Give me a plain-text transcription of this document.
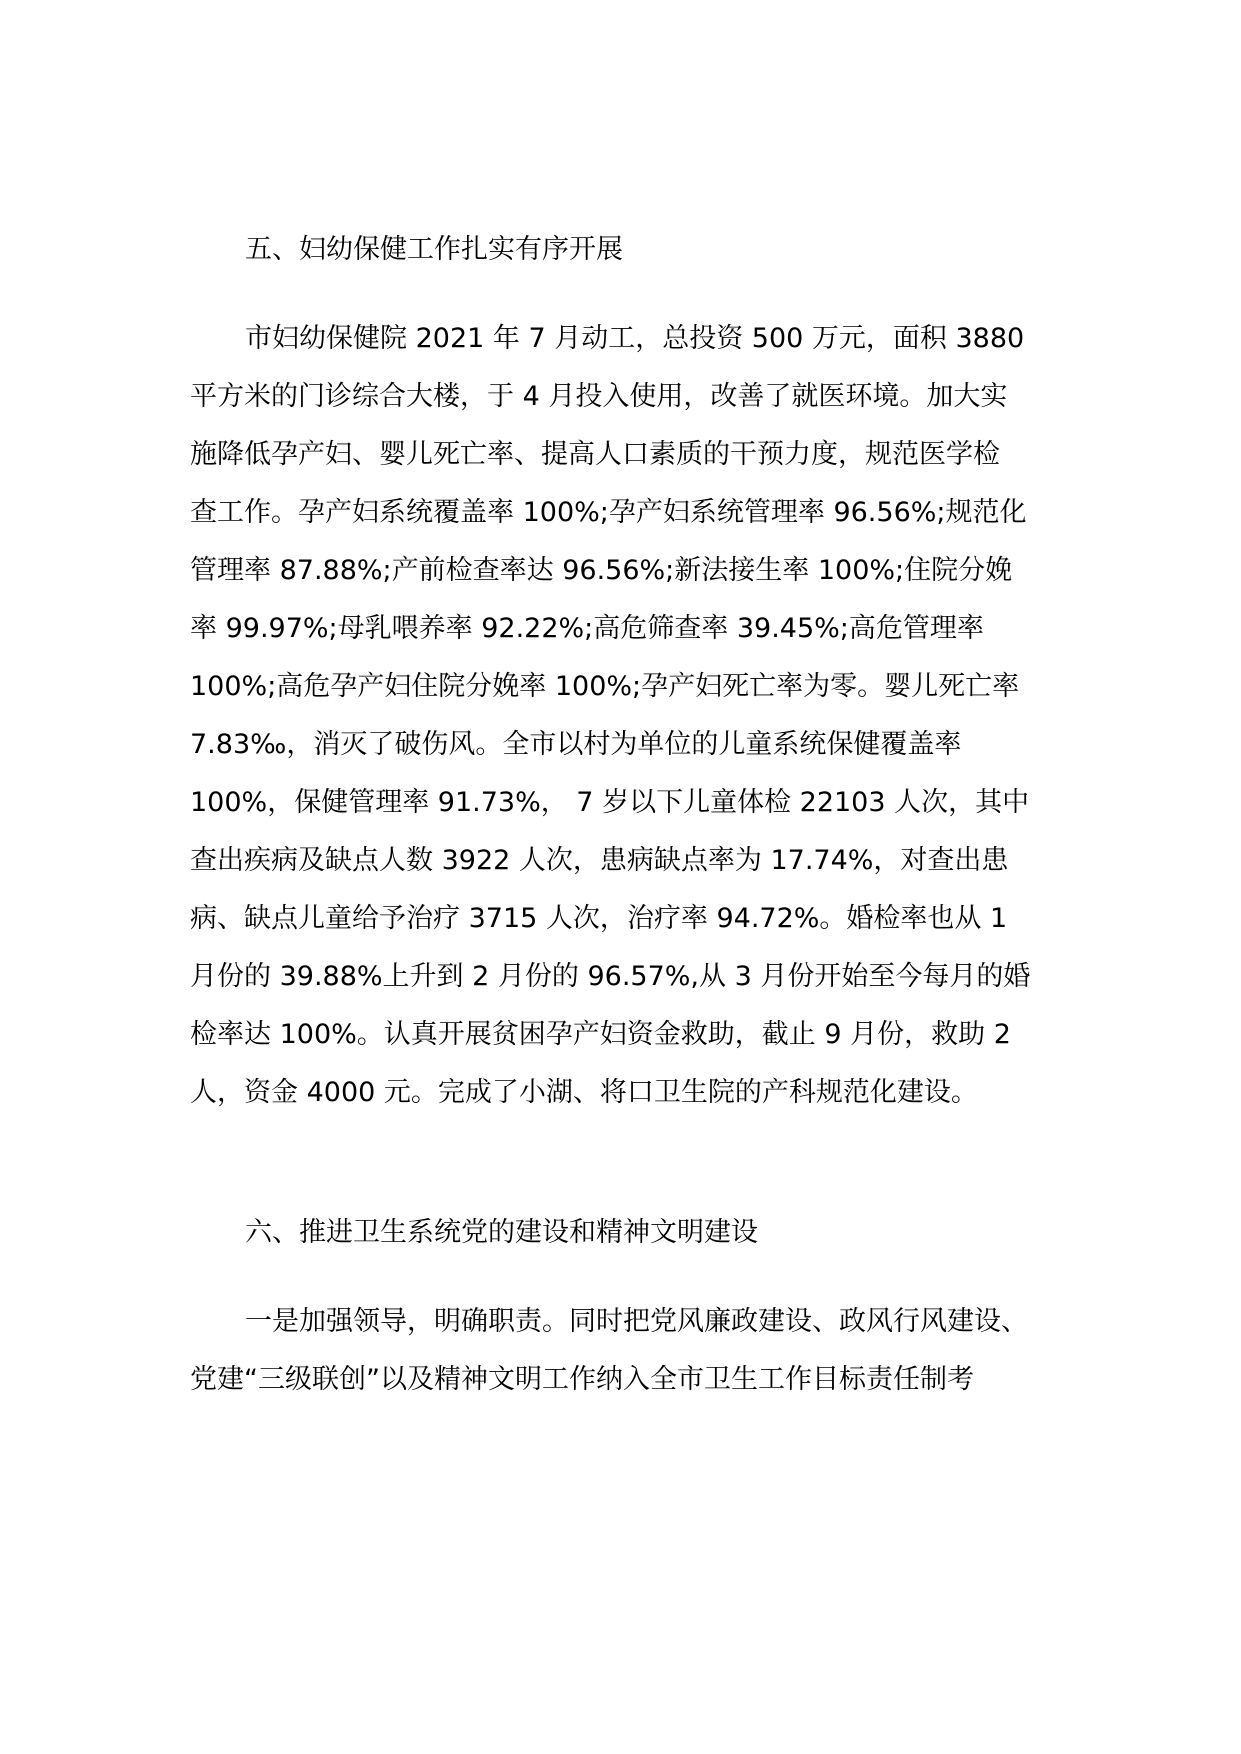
五、妇幼保健工作扎实有序开展

市妇幼保健院 2021 年 7 月动工，总投资 500 万元，面积 3880

平方米的门诊综合大楼，于 4 月投入使用，改善了就医环境。加大实

施降低孕产妇、婴儿死亡率、提高人口素质的干预力度，规范医学检

查工作。孕产妇系统覆盖率 100%;孕产妇系统管理率 96.56%;规范化

管理率 87.88%;产前检查率达 96.56%;新法接生率 100%;住院分娩

率 99.97%;母乳喂养率 92.22%;高危筛查率 39.45%;高危管理率

100%;高危孕产妇住院分娩率 100%;孕产妇死亡率为零。婴儿死亡率

7.83‰，消灭了破伤风。全市以村为单位的儿童系统保健覆盖率

100%，保健管理率 91.73%， 7 岁以下儿童体检 22103 人次，其中

查出疾病及缺点人数 3922 人次，患病缺点率为 17.74%，对查出患

病、缺点儿童给予治疗 3715 人次，治疗率 94.72%。婚检率也从 1

月份的 39.88%上升到 2 月份的 96.57%,从 3 月份开始至今每月的婚

检率达 100%。认真开展贫困孕产妇资金救助，截止 9 月份，救助 2

人，资金 4000 元。完成了小湖、将口卫生院的产科规范化建设。

六、推进卫生系统党的建设和精神文明建设

一是加强领导，明确职责。同时把党风廉政建设、政风行风建设、

党建“三级联创”以及精神文明工作纳入全市卫生工作目标责任制考
